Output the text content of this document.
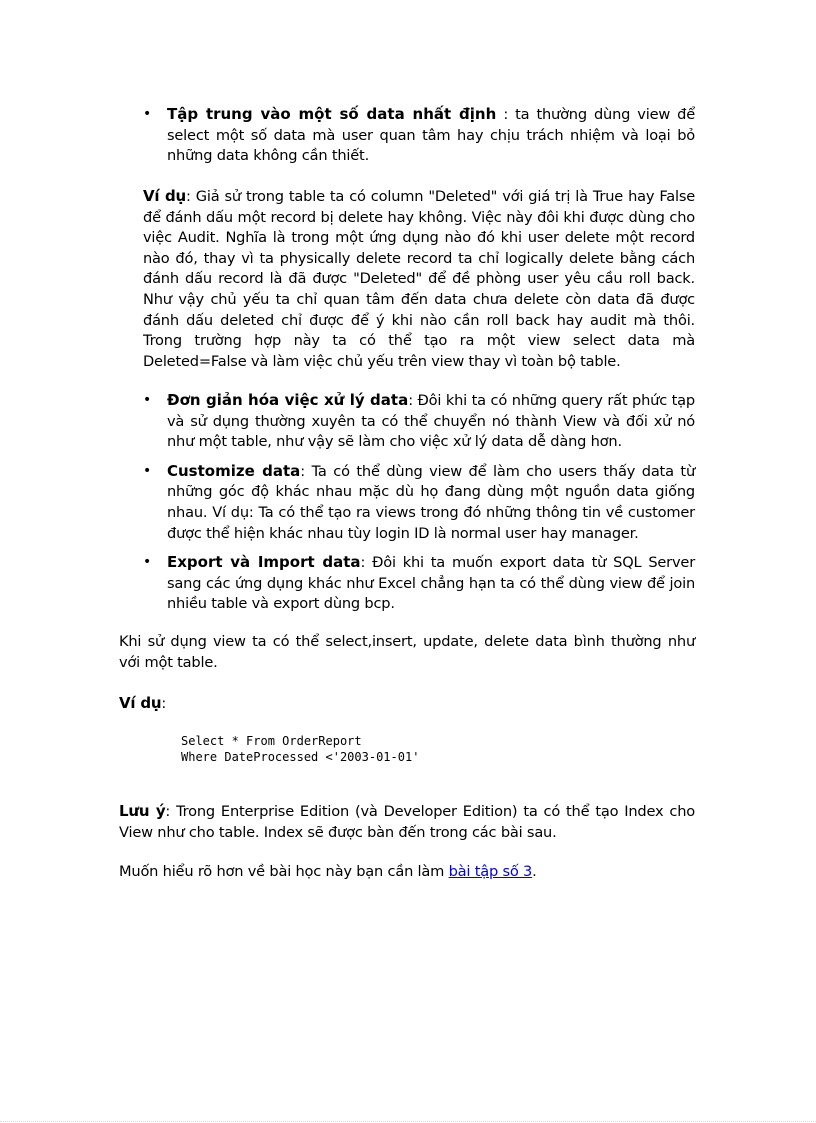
• Tập trung vào một số data nhất định : ta thường dùng view để select một số data mà user quan tâm hay chịu trách nhiệm và loại bỏ những data không cần thiết.

Ví dụ: Giả sử trong table ta có column "Deleted" với giá trị là True hay False để đánh dấu một record bị delete hay không. Việc này đôi khi được dùng cho việc Audit. Nghĩa là trong một ứng dụng nào đó khi user delete một record nào đó, thay vì ta physically delete record ta chỉ logically delete bằng cách đánh dấu record là đã được "Deleted" để đề phòng user yêu cầu roll back. Như vậy chủ yếu ta chỉ quan tâm đến data chưa delete còn data đã được đánh dấu deleted chỉ được để ý khi nào cần roll back hay audit mà thôi. Trong trường hợp này ta có thể tạo ra một view select data mà Deleted=False và làm việc chủ yếu trên view thay vì toàn bộ table.

• Đơn giản hóa việc xử lý data: Đôi khi ta có những query rất phức tạp và sử dụng thường xuyên ta có thể chuyển nó thành View và đối xử nó như một table, như vậy sẽ làm cho việc xử lý data dễ dàng hơn.
• Customize data: Ta có thể dùng view để làm cho users thấy data từ những góc độ khác nhau mặc dù họ đang dùng một nguồn data giống nhau. Ví dụ: Ta có thể tạo ra views trong đó những thông tin về customer được thể hiện khác nhau tùy login ID là normal user hay manager.
• Export và Import data: Đôi khi ta muốn export data từ SQL Server sang các ứng dụng khác như Excel chẳng hạn ta có thể dùng view để join nhiều table và export dùng bcp.

Khi sử dụng view ta có thể select,insert, update, delete data bình thường như với một table.

Ví dụ:

Select * From OrderReport
Where DateProcessed <'2003-01-01'

Lưu ý: Trong Enterprise Edition (và Developer Edition) ta có thể tạo Index cho View như cho table. Index sẽ được bàn đến trong các bài sau.

Muốn hiểu rõ hơn về bài học này bạn cần làm bài tập số 3.
